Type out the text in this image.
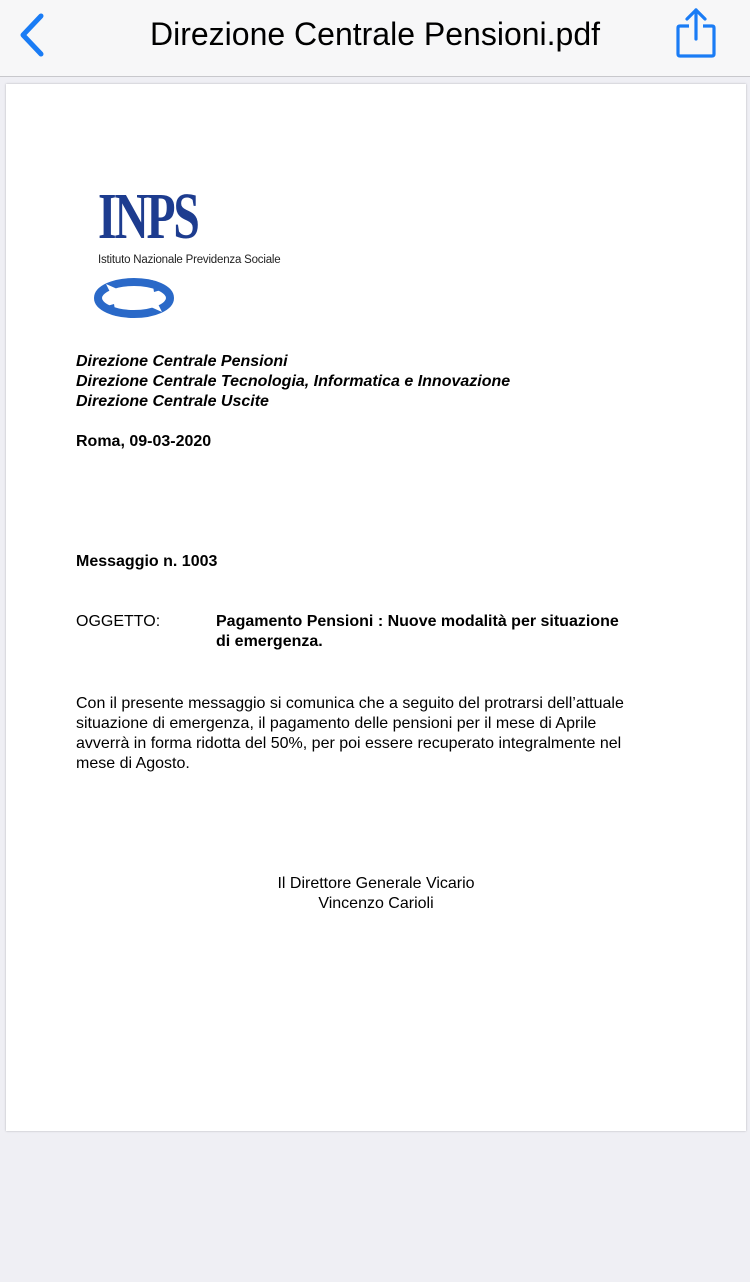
Direzione Centrale Pensioni.pdf
INPS
Istituto Nazionale Previdenza Sociale
Direzione Centrale Pensioni
Direzione Centrale Tecnologia, Informatica e Innovazione
Direzione Centrale Uscite
Roma, 09-03-2020
Messaggio n. 1003
OGGETTO:	Pagamento Pensioni : Nuove modalità per situazione
di emergenza.
Con il presente messaggio si comunica che a seguito del protrarsi dell’attuale
situazione di emergenza, il pagamento delle pensioni per il mese di Aprile
avverrà in forma ridotta del 50%, per poi essere recuperato integralmente nel
mese di Agosto.
Il Direttore Generale Vicario
Vincenzo Carioli
